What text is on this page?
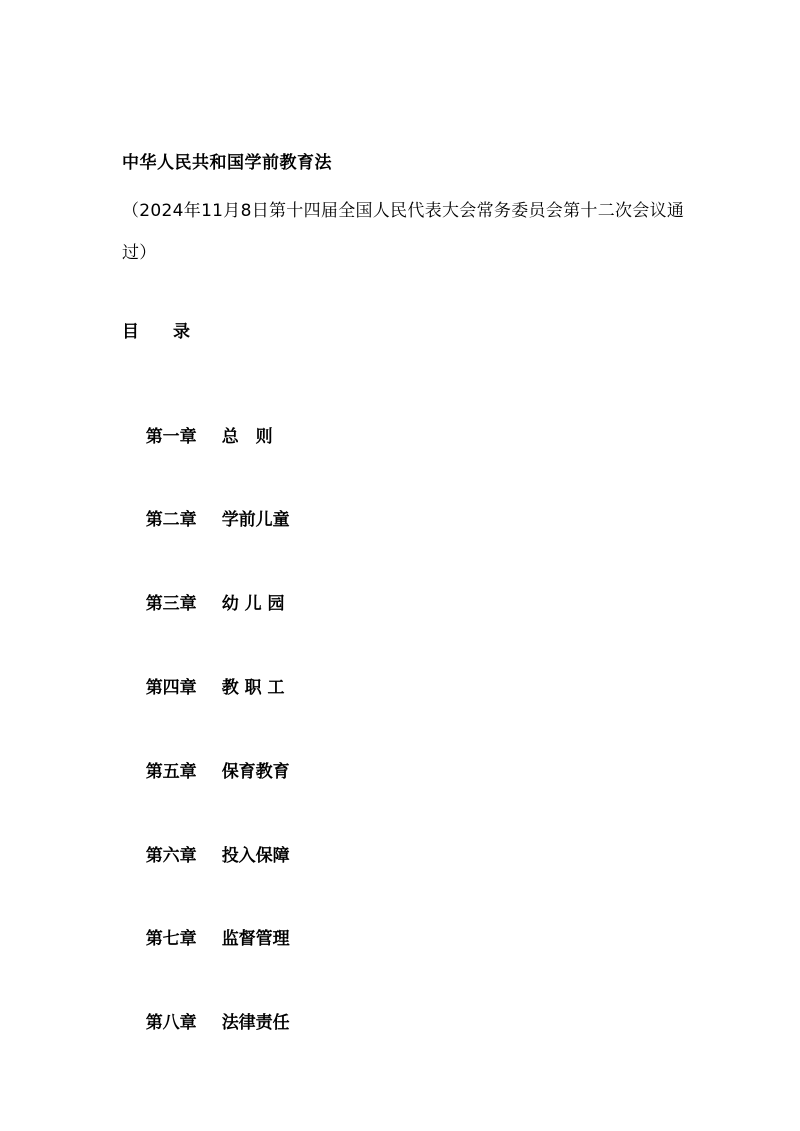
中华人民共和国学前教育法
（2024年11月8日第十四届全国人民代表大会常务委员会第十二次会议通过）
目　　录

第一章 总　则

第二章 学前儿童

第三章 幼 儿 园

第四章 教 职 工

第五章 保育教育

第六章 投入保障

第七章 监督管理

第八章 法律责任
